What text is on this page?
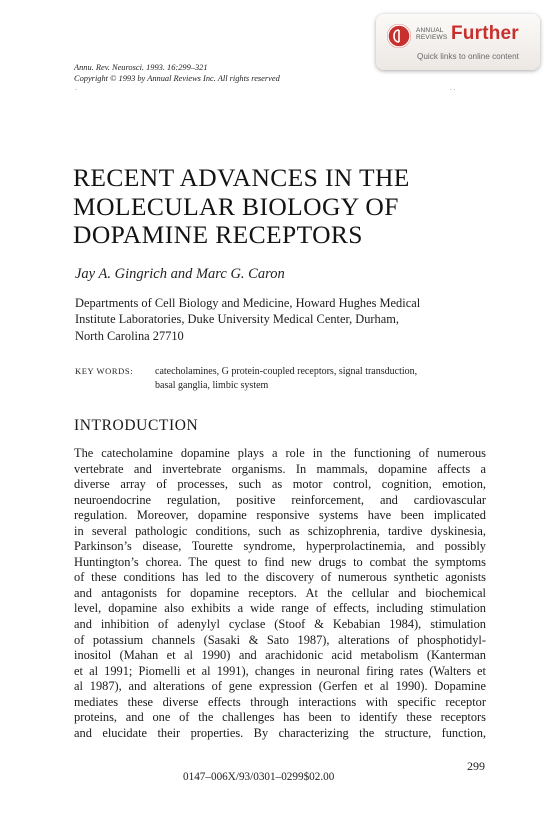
ANNUAL
REVIEWS Further
Quick links to online content
Annu. Rev. Neurosci. 1993. 16:299–321
Copyright © 1993 by Annual Reviews Inc. All rights reserved
.	. .
RECENT ADVANCES IN THE
MOLECULAR BIOLOGY OF
DOPAMINE RECEPTORS
Jay A. Gingrich and Marc G. Caron
Departments of Cell Biology and Medicine, Howard Hughes Medical
Institute Laboratories, Duke University Medical Center, Durham,
North Carolina 27710
KEY WORDS: catecholamines, G protein-coupled receptors, signal transduction,
basal ganglia, limbic system
INTRODUCTION
The catecholamine dopamine plays a role in the functioning of numerous
vertebrate and invertebrate organisms. In mammals, dopamine affects a
diverse array of processes, such as motor control, cognition, emotion,
neuroendocrine regulation, positive reinforcement, and cardiovascular
regulation. Moreover, dopamine responsive systems have been implicated
in several pathologic conditions, such as schizophrenia, tardive dyskinesia,
Parkinson’s disease, Tourette syndrome, hyperprolactinemia, and possibly
Huntington’s chorea. The quest to find new drugs to combat the symptoms
of these conditions has led to the discovery of numerous synthetic agonists
and antagonists for dopamine receptors. At the cellular and biochemical
level, dopamine also exhibits a wide range of effects, including stimulation
and inhibition of adenylyl cyclase (Stoof & Kebabian 1984), stimulation
of potassium channels (Sasaki & Sato 1987), alterations of phosphotidyl-
inositol (Mahan et al 1990) and arachidonic acid metabolism (Kanterman
et al 1991; Piomelli et al 1991), changes in neuronal firing rates (Walters et
al 1987), and alterations of gene expression (Gerfen et al 1990). Dopamine
mediates these diverse effects through interactions with specific receptor
proteins, and one of the challenges has been to identify these receptors
and elucidate their properties. By characterizing the structure, function,
299
0147–006X/93/0301–0299$02.00
